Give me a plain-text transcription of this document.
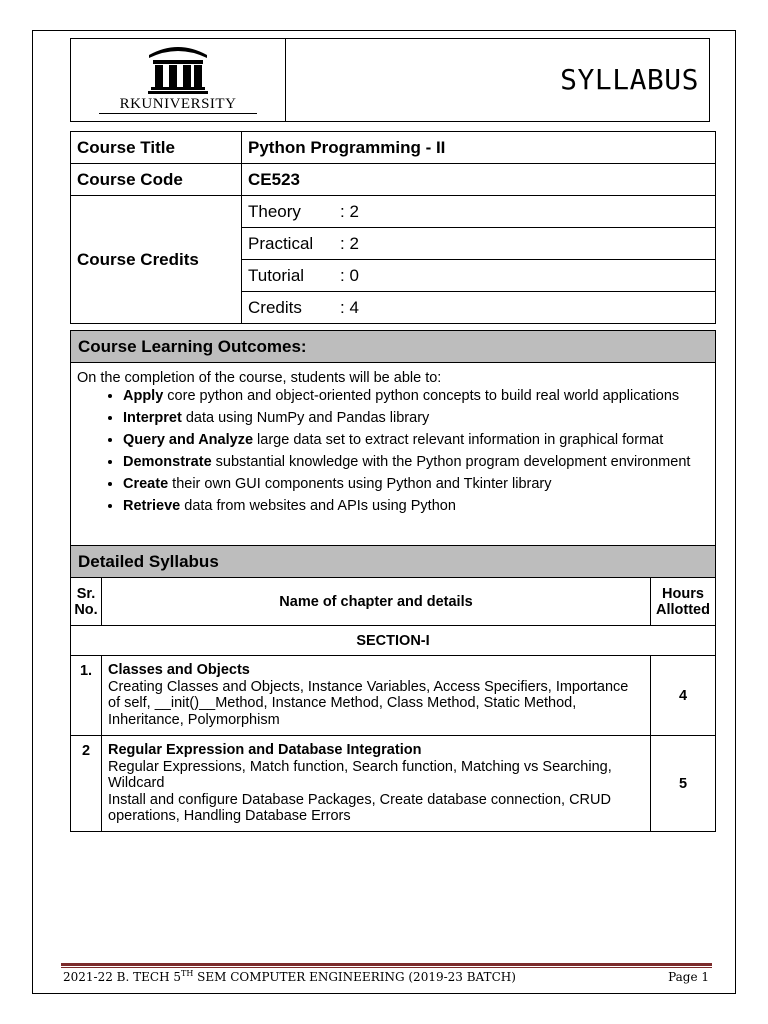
RKUNIVERSITY
SYLLABUS
Course Title	Python Programming - II
Course Code	CE523
Course Credits	Theory : 2

	Practical : 2

	Tutorial : 0

	Credits : 4
Course Learning Outcomes:
On the completion of the course, students will be able to:
• Apply core python and object-oriented python concepts to build real world applications
• Interpret data using NumPy and Pandas library
• Query and Analyze large data set to extract relevant information in graphical format
• Demonstrate substantial knowledge with the Python program development environment
• Create their own GUI components using Python and Tkinter library
• Retrieve data from websites and APIs using Python
Detailed Syllabus
Sr. No.	Name of chapter and details	Hours Allotted
SECTION-I		
1.	Classes and Objects
Creating Classes and Objects, Instance Variables, Access Specifiers, Importance of self, __init()__Method, Instance Method, Class Method, Static Method, Inheritance, Polymorphism	4
2	Regular Expression and Database Integration
Regular Expressions, Match function, Search function, Matching vs Searching, Wildcard
Install and configure Database Packages, Create database connection, CRUD operations, Handling Database Errors	5
2021-22 B. TECH 5TH SEM COMPUTER ENGINEERING (2019-23 BATCH)	Page 1
